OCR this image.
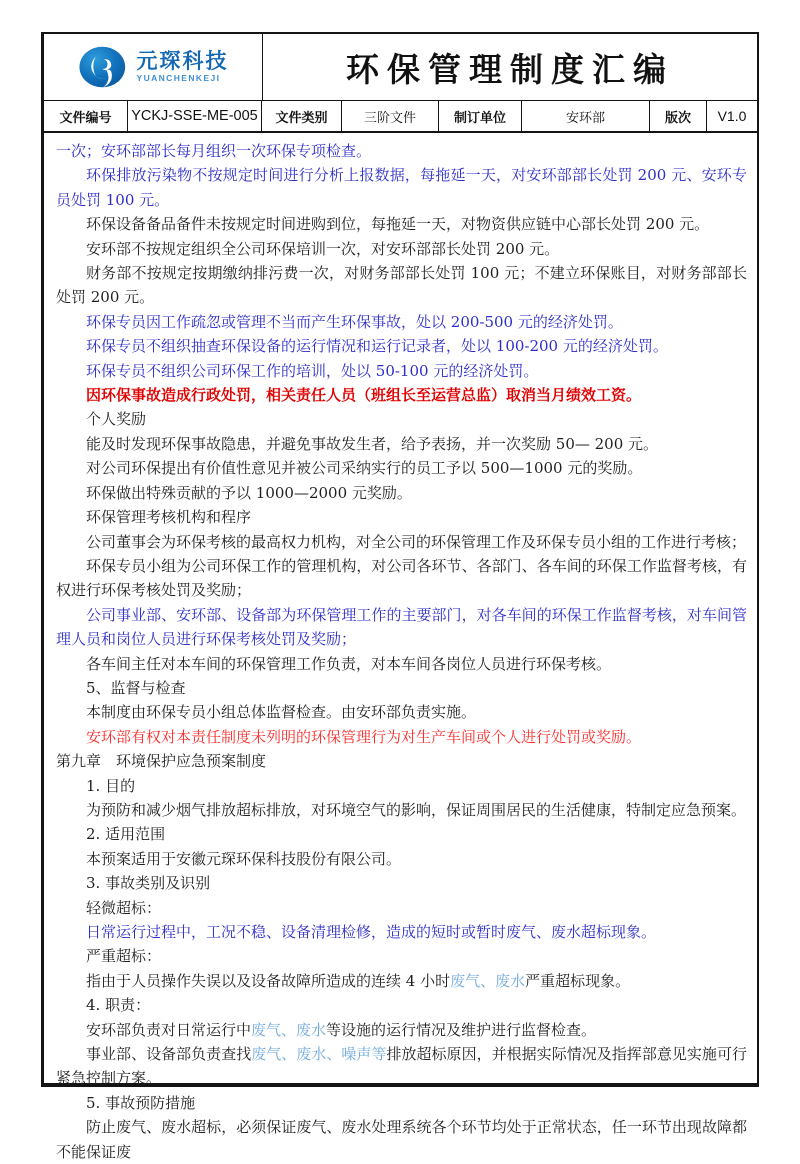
元琛科技
YUANCHENKEJI	环保管理制度汇编
文件编号	YCKJ-SSE-ME-005	文件类别	三阶文件	制订单位	安环部	版次	V1.0
一次；安环部部长每月组织一次环保专项检查。
环保排放污染物不按规定时间进行分析上报数据，每拖延一天，对安环部部长处罚 200 元、安环专员处罚 100 元。
环保设备备品备件未按规定时间进购到位，每拖延一天，对物资供应链中心部长处罚 200 元。
安环部不按规定组织全公司环保培训一次，对安环部部长处罚 200 元。
财务部不按规定按期缴纳排污费一次，对财务部部长处罚 100 元；不建立环保账目，对财务部部长处罚 200 元。
环保专员因工作疏忽或管理不当而产生环保事故，处以 200-500 元的经济处罚。
环保专员不组织抽查环保设备的运行情况和运行记录者，处以 100-200 元的经济处罚。
环保专员不组织公司环保工作的培训，处以 50-100 元的经济处罚。
因环保事故造成行政处罚，相关责任人员（班组长至运营总监）取消当月绩效工资。
个人奖励
能及时发现环保事故隐患，并避免事故发生者，给予表扬，并一次奖励 50— 200 元。
对公司环保提出有价值性意见并被公司采纳实行的员工予以 500—1000 元的奖励。
环保做出特殊贡献的予以 1000—2000 元奖励。
环保管理考核机构和程序
公司董事会为环保考核的最高权力机构，对全公司的环保管理工作及环保专员小组的工作进行考核；
环保专员小组为公司环保工作的管理机构，对公司各环节、各部门、各车间的环保工作监督考核，有权进行环保考核处罚及奖励；
公司事业部、安环部、设备部为环保管理工作的主要部门，对各车间的环保工作监督考核，对车间管理人员和岗位人员进行环保考核处罚及奖励；
各车间主任对本车间的环保管理工作负责，对本车间各岗位人员进行环保考核。
5、监督与检查
本制度由环保专员小组总体监督检查。由安环部负责实施。
安环部有权对本责任制度未列明的环保管理行为对生产车间或个人进行处罚或奖励。
第九章　环境保护应急预案制度
1. 目的
为预防和减少烟气排放超标排放，对环境空气的影响，保证周围居民的生活健康，特制定应急预案。
2. 适用范围
本预案适用于安徽元琛环保科技股份有限公司。
3. 事故类别及识别
轻微超标：
日常运行过程中，工况不稳、设备清理检修，造成的短时或暂时废气、废水超标现象。
严重超标：
指由于人员操作失误以及设备故障所造成的连续 4 小时废气、废水严重超标现象。
4. 职责：
安环部负责对日常运行中废气、废水等设施的运行情况及维护进行监督检查。
事业部、设备部负责查找废气、废水、噪声等排放超标原因，并根据实际情况及指挥部意见实施可行紧急控制方案。
5. 事故预防措施
防止废气、废水超标，必须保证废气、废水处理系统各个环节均处于正常状态，任一环节出现故障都不能保证废
